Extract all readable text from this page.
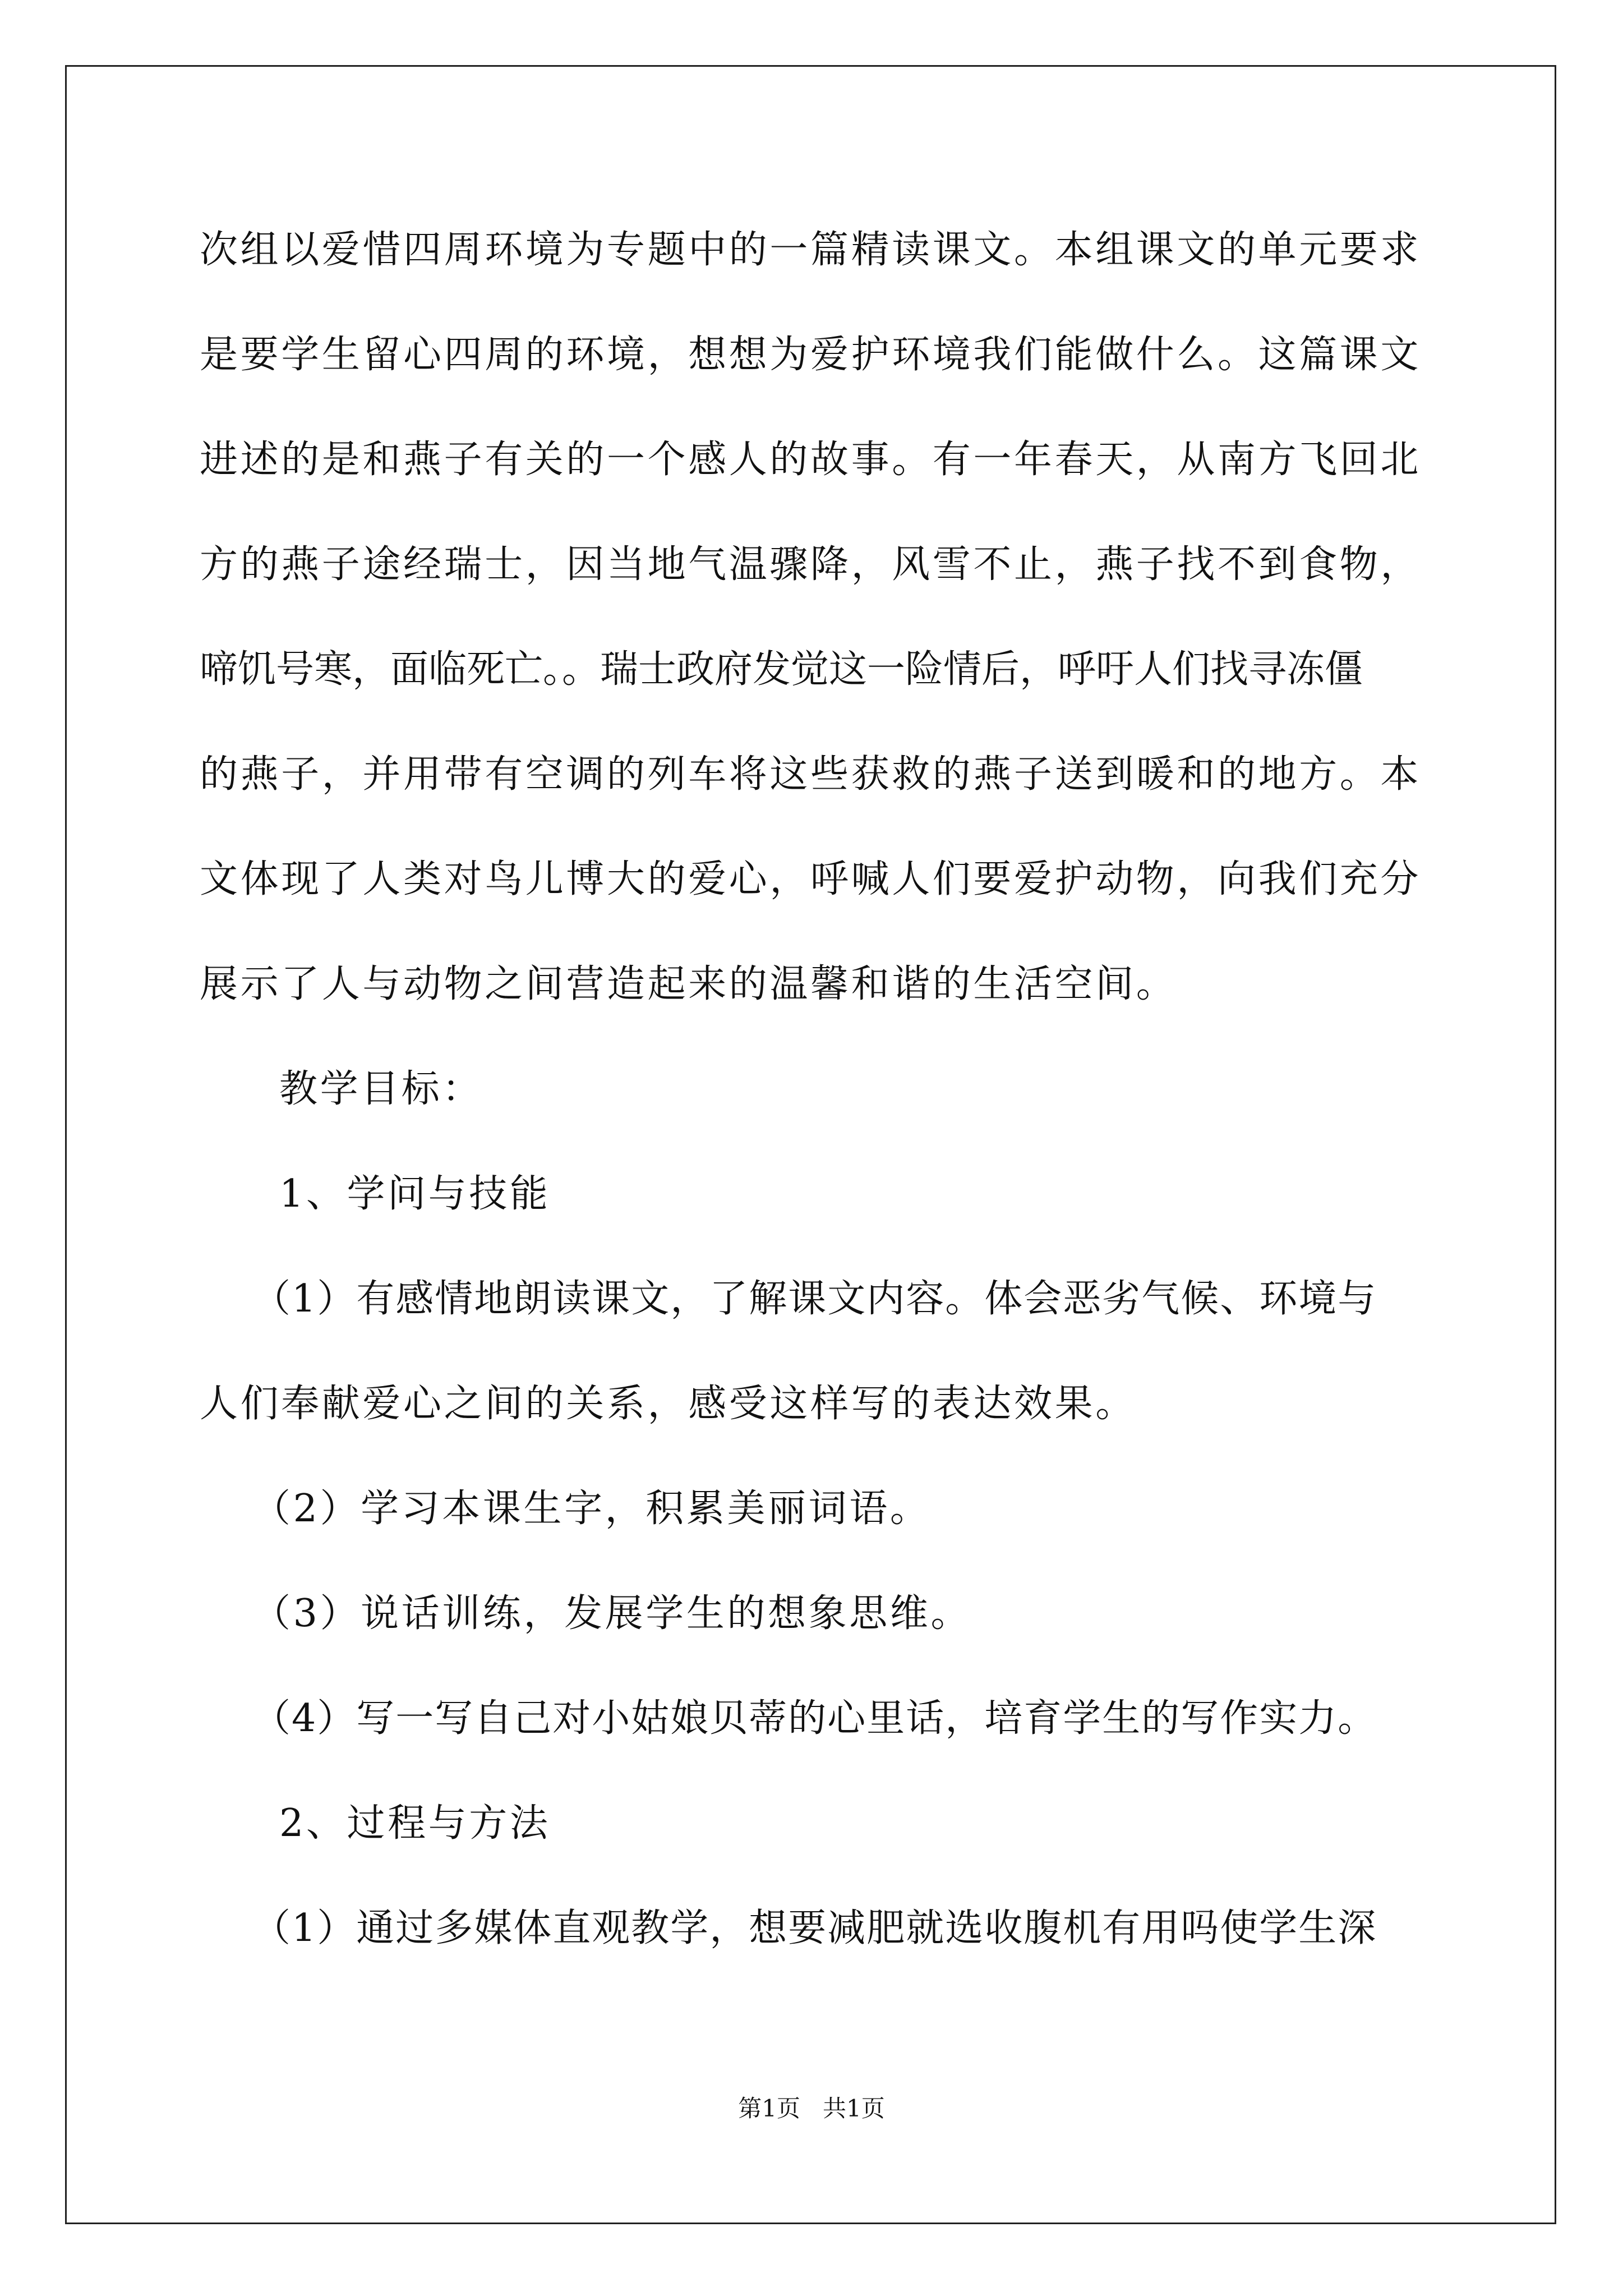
次组以爱惜四周环境为专题中的一篇精读课文。本组课文的单元要求
是要学生留心四周的环境，想想为爱护环境我们能做什么。这篇课文
进述的是和燕子有关的一个感人的故事。有一年春天，从南方飞回北
方的燕子途经瑞士，因当地气温骤降，风雪不止，燕子找不到食物，
啼饥号寒，面临死亡。。瑞士政府发觉这一险情后，呼吁人们找寻冻僵
的燕子，并用带有空调的列车将这些获救的燕子送到暖和的地方。本
文体现了人类对鸟儿博大的爱心，呼喊人们要爱护动物，向我们充分
展示了人与动物之间营造起来的温馨和谐的生活空间。
教学目标：
1、学问与技能
（1）有感情地朗读课文，了解课文内容。体会恶劣气候、环境与
人们奉献爱心之间的关系，感受这样写的表达效果。
（2）学习本课生字，积累美丽词语。
（3）说话训练，发展学生的想象思维。
（4）写一写自己对小姑娘贝蒂的心里话，培育学生的写作实力。
2、过程与方法
（1）通过多媒体直观教学，想要减肥就选收腹机有用吗使学生深
第1页   共1页
